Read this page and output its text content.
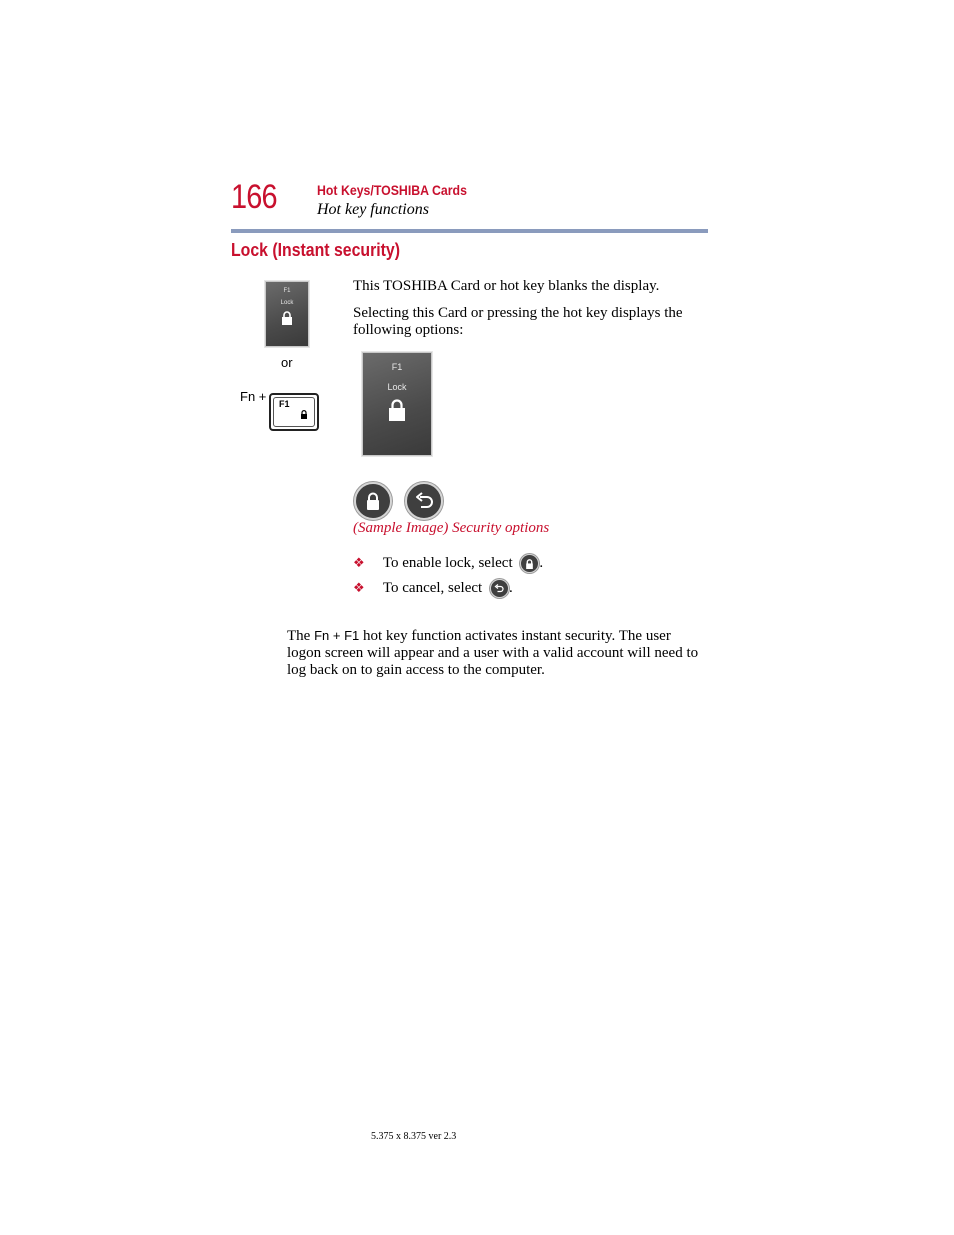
166	Hot Keys/TOSHIBA Cards
Hot key functions
Lock (Instant security)
F1
Lock
or
Fn + F1
This TOSHIBA Card or hot key blanks the display.
Selecting this Card or pressing the hot key displays the following options:
F1
Lock
(Sample Image) Security options
❖ To enable lock, select .
❖ To cancel, select .
The Fn + F1 hot key function activates instant security. The user logon screen will appear and a user with a valid account will need to log back on to gain access to the computer.
5.375 x 8.375 ver 2.3
